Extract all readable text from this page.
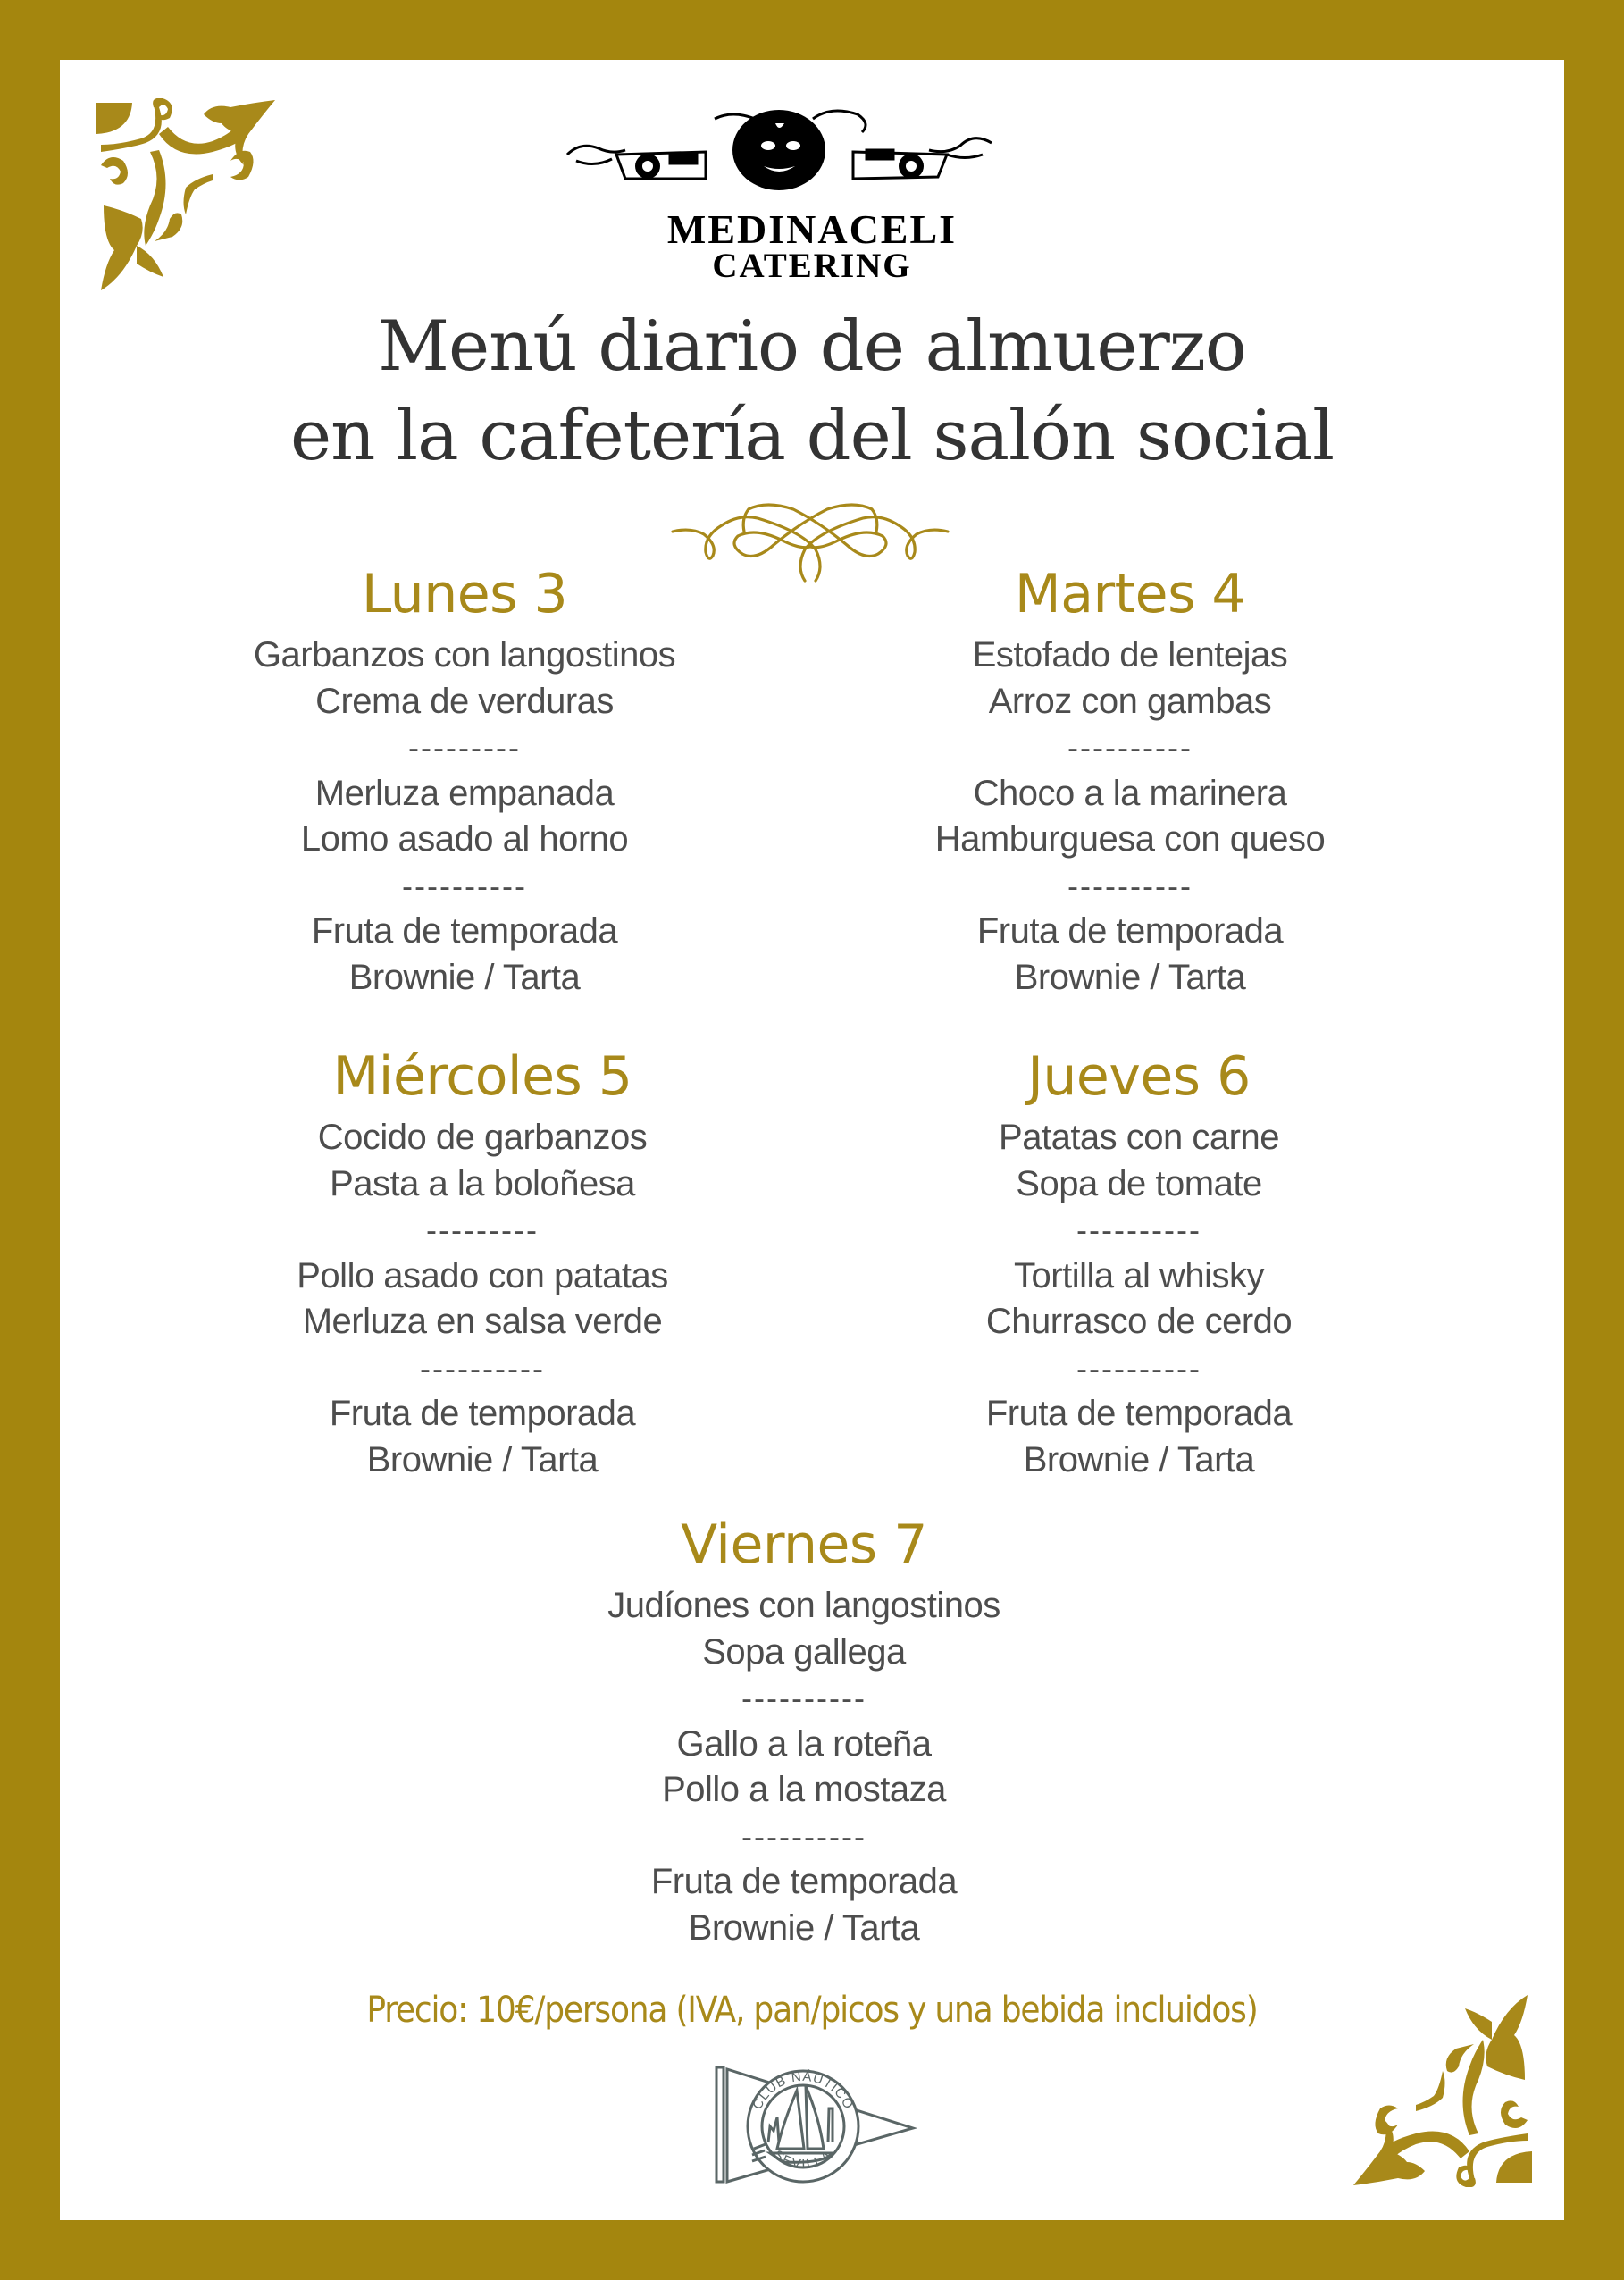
MEDINACELI
CATERING
Menú diario de almuerzo
en la cafetería del salón social
Lunes 3
Garbanzos con langostinos
Crema de verduras
---------
Merluza empanada
Lomo asado al horno
----------
Fruta de temporada
Brownie / Tarta
Martes 4
Estofado de lentejas
Arroz con gambas
----------
Choco a la marinera
Hamburguesa con queso
----------
Fruta de temporada
Brownie / Tarta
Miércoles 5
Cocido de garbanzos
Pasta a la boloñesa
---------
Pollo asado con patatas
Merluza en salsa verde
----------
Fruta de temporada
Brownie / Tarta
Jueves 6
Patatas con carne
Sopa de tomate
----------
Tortilla al whisky
Churrasco de cerdo
----------
Fruta de temporada
Brownie / Tarta
Viernes 7
Judíones con langostinos
Sopa gallega
----------
Gallo a la roteña
Pollo a la mostaza
----------
Fruta de temporada
Brownie / Tarta
Precio: 10€/persona (IVA, pan/picos y una bebida incluidos)
CLUB NÁUTICO
SEVILLA
